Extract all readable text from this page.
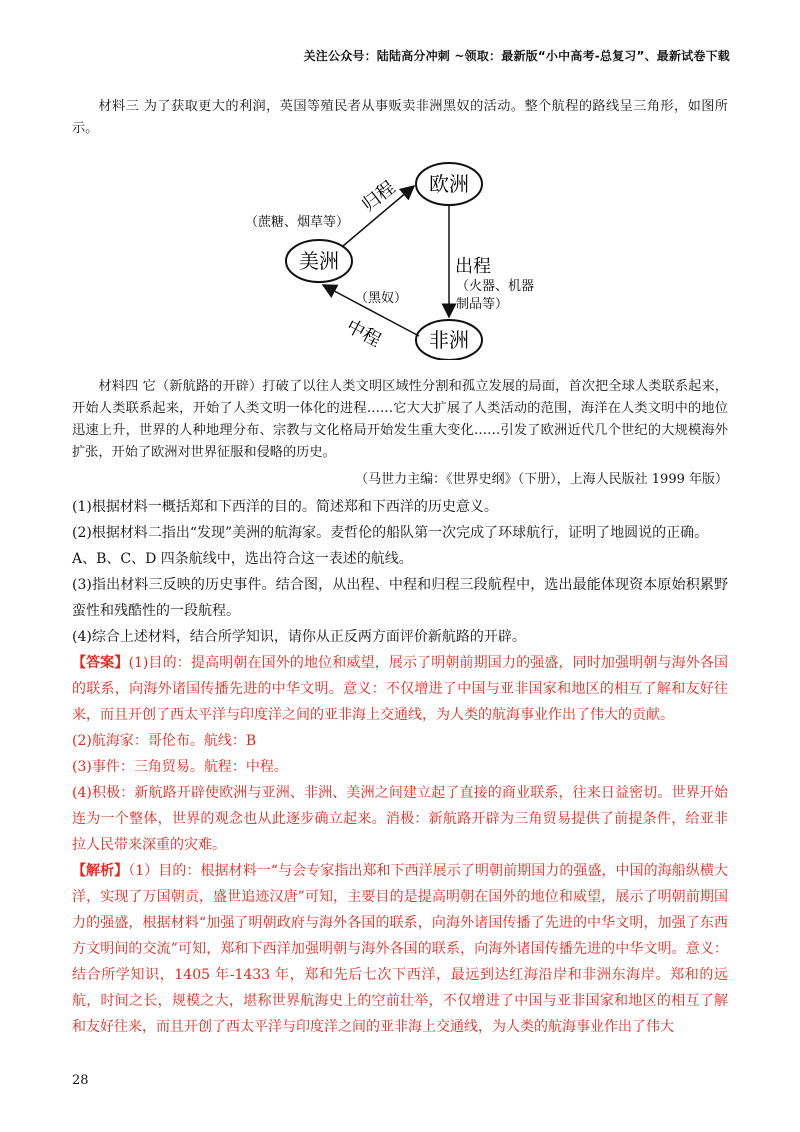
关注公众号：陆陆高分冲刺 ~领取：最新版“小中高考-总复习”、最新试卷下载

材料三 为了获取更大的利润，英国等殖民者从事贩卖非洲黑奴的活动。整个航程的路线呈三角形，如图所示。

欧洲
美洲
非洲
归程
（蔗糖、烟草等）
出程
（火器、机器
制品等）
中程
（黑奴）

材料四 它（新航路的开辟）打破了以往人类文明区域性分割和孤立发展的局面，首次把全球人类联系起来，开始人类联系起来，开始了人类文明一体化的进程……它大大扩展了人类活动的范围，海洋在人类文明中的地位迅速上升，世界的人种地理分布、宗教与文化格局开始发生重大变化……引发了欧洲近代几个世纪的大规模海外扩张，开始了欧洲对世界征服和侵略的历史。

（马世力主编：《世界史纲》（下册），上海人民版社 1999 年版）

(1)根据材料一概括郑和下西洋的目的。简述郑和下西洋的历史意义。

(2)根据材料二指出“发现”美洲的航海家。麦哲伦的船队第一次完成了环球航行，证明了地圆说的正确。

A、B、C、D 四条航线中，选出符合这一表述的航线。

(3)指出材料三反映的历史事件。结合图，从出程、中程和归程三段航程中，选出最能体现资本原始积累野蛮性和残酷性的一段航程。

(4)综合上述材料，结合所学知识，请你从正反两方面评价新航路的开辟。

【答案】(1)目的：提高明朝在国外的地位和威望，展示了明朝前期国力的强盛，同时加强明朝与海外各国的联系，向海外诸国传播先进的中华文明。意义：不仅增进了中国与亚非国家和地区的相互了解和友好往来，而且开创了西太平洋与印度洋之间的亚非海上交通线，为人类的航海事业作出了伟大的贡献。
(2)航海家：哥伦布。航线：B
(3)事件：三角贸易。航程：中程。
(4)积极：新航路开辟使欧洲与亚洲、非洲、美洲之间建立起了直接的商业联系，往来日益密切。世界开始连为一个整体，世界的观念也从此逐步确立起来。消极：新航路开辟为三角贸易提供了前提条件，给亚非拉人民带来深重的灾难。
【解析】（1）目的：根据材料一“与会专家指出郑和下西洋展示了明朝前期国力的强盛，中国的海船纵横大洋，实现了万国朝贡，盛世追迹汉唐”可知，主要目的是提高明朝在国外的地位和威望，展示了明朝前期国力的强盛，根据材料“加强了明朝政府与海外各国的联系，向海外诸国传播了先进的中华文明，加强了东西方文明间的交流”可知，郑和下西洋加强明朝与海外各国的联系，向海外诸国传播先进的中华文明。意义：结合所学知识，1405 年-1433 年，郑和先后七次下西洋，最远到达红海沿岸和非洲东海岸。郑和的远航，时间之长，规模之大，堪称世界航海史上的空前壮举，不仅增进了中国与亚非国家和地区的相互了解和友好往来，而且开创了西太平洋与印度洋之间的亚非海上交通线，为人类的航海事业作出了伟大
28
